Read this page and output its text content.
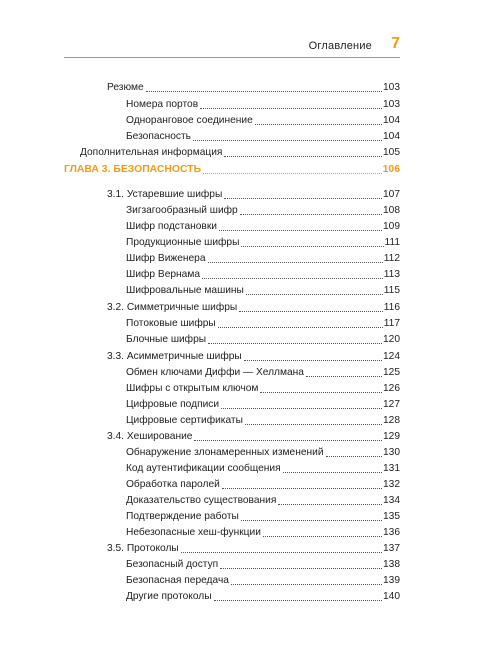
Оглавление 7
Резюме	103
Номера портов	103
Одноранговое соединение	104
Безопасность	104
Дополнительная информация	105
ГЛАВА 3. БЕЗОПАСНОСТЬ	106
3.1. Устаревшие шифры	107
Зигзагообразный шифр	108
Шифр подстановки	109
Продукционные шифры	111
Шифр Виженера	112
Шифр Вернама	113
Шифровальные машины	115
3.2. Симметричные шифры	116
Потоковые шифры	117
Блочные шифры	120
3.3. Асимметричные шифры	124
Обмен ключами Диффи — Хеллмана	125
Шифры с открытым ключом	126
Цифровые подписи	127
Цифровые сертификаты	128
3.4. Хеширование	129
Обнаружение злонамеренных изменений	130
Код аутентификации сообщения	131
Обработка паролей	132
Доказательство существования	134
Подтверждение работы	135
Небезопасные хеш-функции	136
3.5. Протоколы	137
Безопасный доступ	138
Безопасная передача	139
Другие протоколы	140
